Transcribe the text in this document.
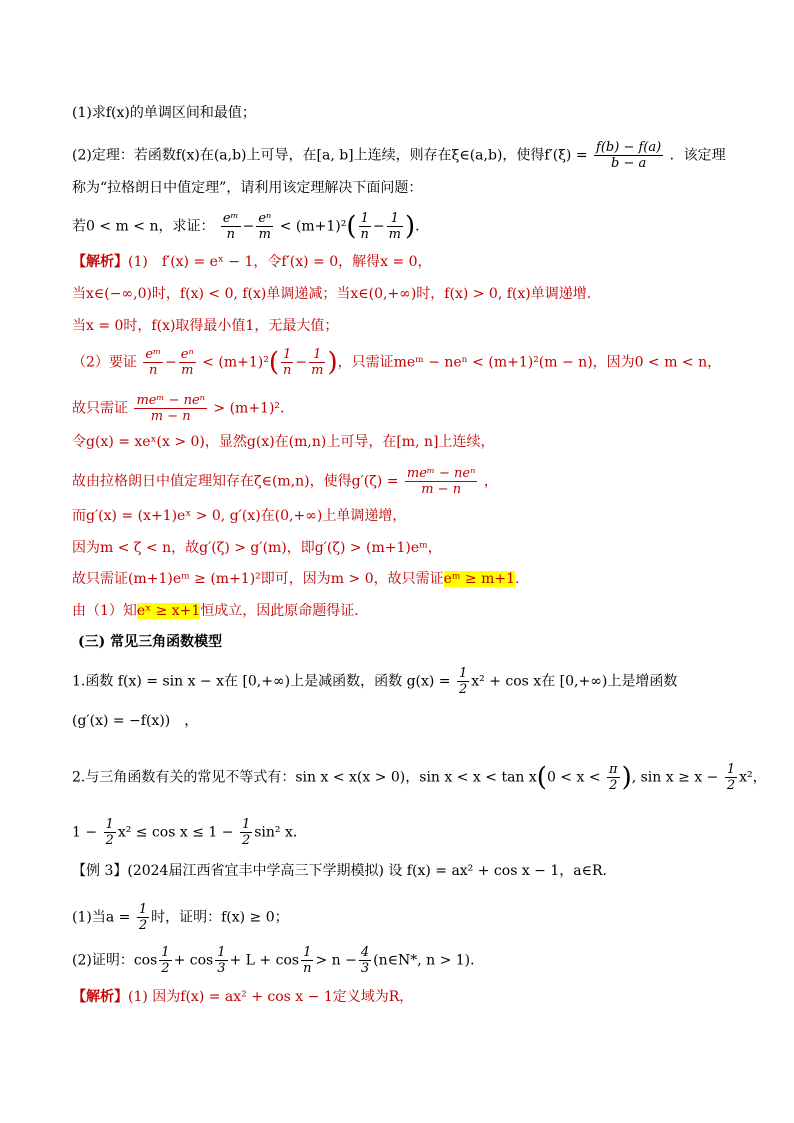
(1)求f(x)的单调区间和最值；
(2)定理：若函数f(x)在(a,b)上可导，在[a, b]上连续，则存在ξ∈(a,b)，使得$f'(\xi) = \frac{f(b) - f(a)}{b - a}$ ．该定理
称为“拉格朗日中值定理”，请利用该定理解决下面问题：
若0 < m < n，求证： $\frac{\text{eᵐ}}{n} - \frac{\text{eⁿ}}{m} < (m+1)^2( \frac{1}{n} - \frac{1}{m}$ )．
【解析】(1)　f′(x) = eˣ − 1，令f′(x) = 0，解得x = 0，
当x∈(−∞,0)时，f(x) < 0, f(x)单调递减；当x∈(0,+∞)时，f(x) > 0, f(x)单调递增．
当x = 0时，f(x)取得最小值1，无最大值；
（2）要证 $\frac{\text{eᵐ}}{n} - \frac{\text{eⁿ}}{m} < (m+1)^2( \frac{1}{n} - \frac{1}{m}$ )，只需证meᵐ − neⁿ < (m+1)²(m − n)，因为0 < m < n，
故只需证 $\frac{\text{meᵐ − neⁿ}}{m - n} > (m+1)^2$．
令g(x) = xeˣ(x > 0)，显然g(x)在(m,n)上可导，在[m, n]上连续，
故由拉格朗日中值定理知存在ζ∈(m,n)，使得$g'(\zeta) = \frac{\text{meᵐ − neⁿ}}{m - n}$ ，
而g′(x) = (x+1)eˣ > 0, g′(x)在(0,+∞)上单调递增，
因为m < ζ < n，故g′(ζ) > g′(m)，即g′(ζ) > (m+1)eᵐ，
故只需证(m+1)eᵐ ≥ (m+1)²即可，因为m > 0，故只需证eᵐ ≥ m+1．
由（1）知eˣ ≥ x+1恒成立，因此原命题得证．
(三) 常见三角函数模型
1.函数 f(x) = sin x − x在 [0,+∞)上是减函数，函数 $g(x) = \frac{1}{2} x^2 + \cos x$在 [0,+∞)上是增函数
(g′(x) = −f(x))　，
2.与三角函数有关的常见不等式有：sin x < x(x > 0)，$\sin x < x < \tan x(0 < x < \frac{\pi}{2}$ ), $\sin x \ge x - \frac{1}{2} x^2$，
$1 - \frac{1}{2} x^2 \le \cos x \le 1 - \frac{1}{2} \sin^2$ x．
【例 3】(2024届江西省宜丰中学高三下学期模拟) 设 f(x) = ax² + cos x − 1，a∈R．
(1)当$a = \frac{1}{2}$ 时，证明：f(x) ≥ 0；
(2)证明：$\cos \frac{1}{2} + \cos \frac{1}{3} + L + \cos \frac{1}{n} > n - \frac{4}{3}$ (n∈N*, n > 1)．
【解析】(1) 因为f(x) = ax² + cos x − 1定义域为R，
